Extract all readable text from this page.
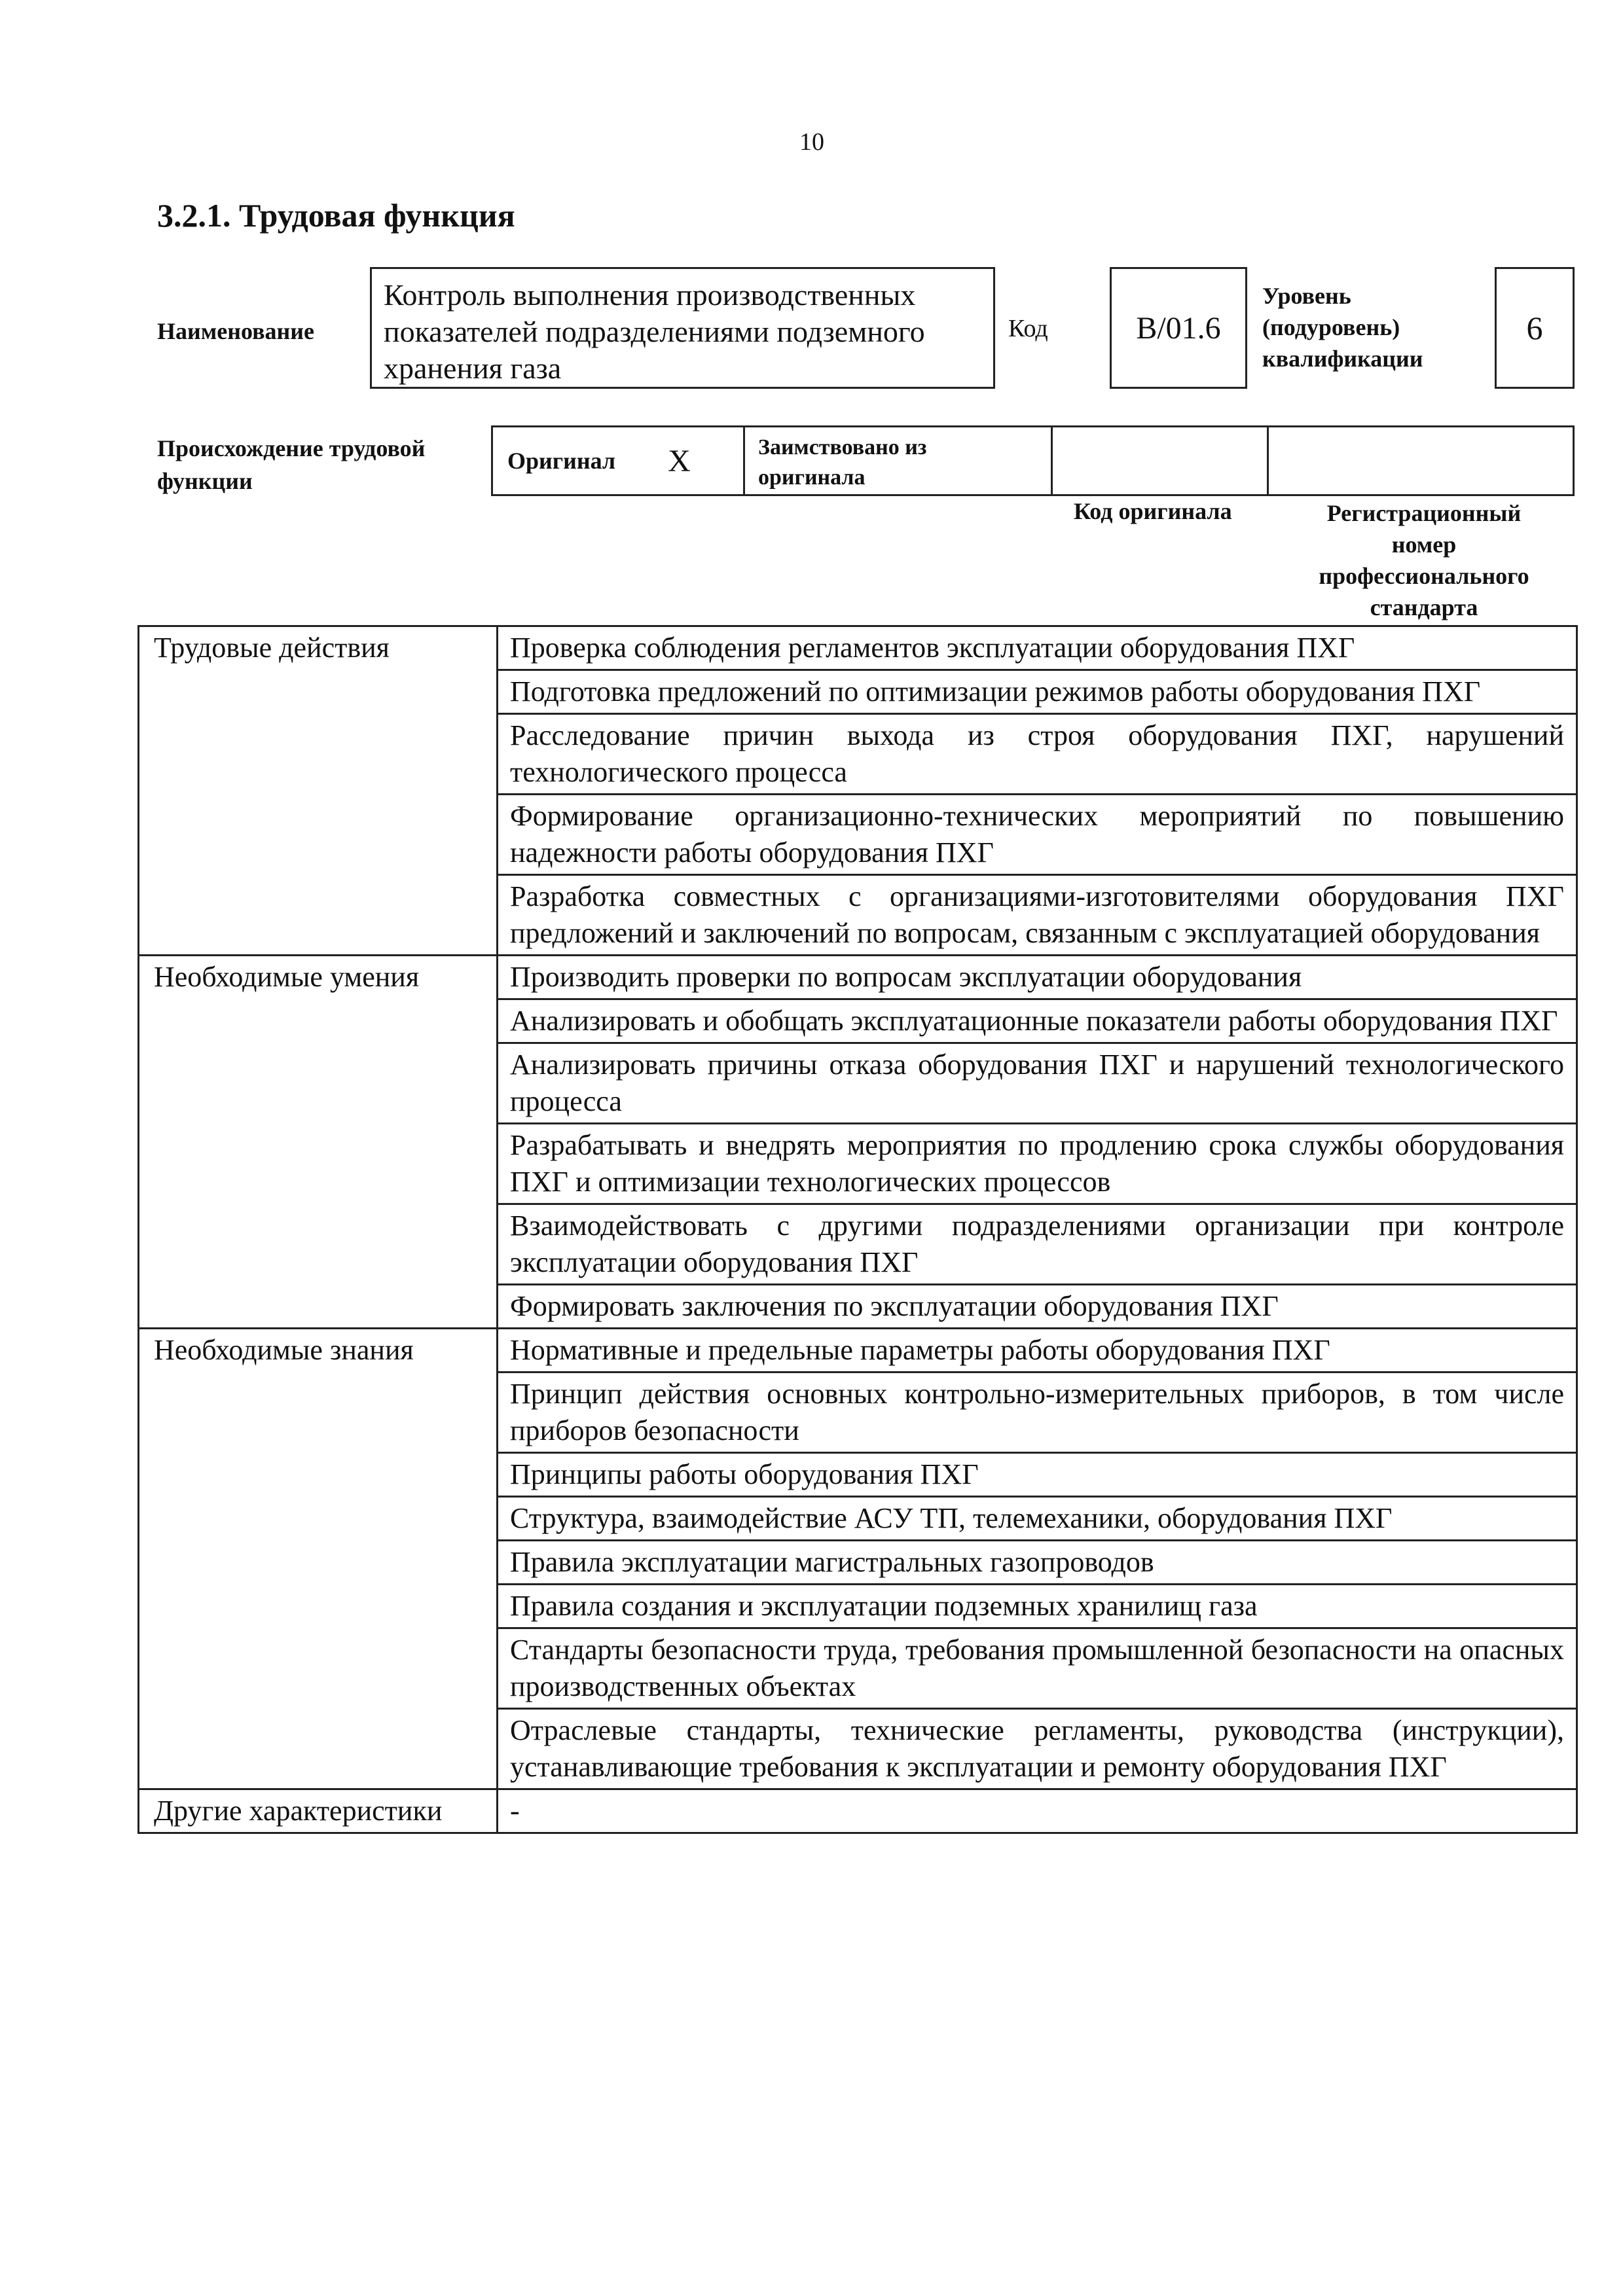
10
3.2.1. Трудовая функция
Наименование
Контроль выполнения производственных показателей подразделениями подземного хранения газа
Код	B/01.6
Уровень (подуровень) квалификации
6
Происхождение трудовой функции
Оригинал X	Заимствовано из оригинала
Код оригинала	Регистрационный номер профессионального стандарта
Трудовые действия	Проверка соблюдения регламентов эксплуатации оборудования ПХГ
	Подготовка предложений по оптимизации режимов работы оборудования ПХГ
	Расследование причин выхода из строя оборудования ПХГ, нарушений технологического процесса
	Формирование организационно-технических мероприятий по повышению надежности работы оборудования ПХГ
	Разработка совместных с организациями-изготовителями оборудования ПХГ предложений и заключений по вопросам, связанным с эксплуатацией оборудования
Необходимые умения	Производить проверки по вопросам эксплуатации оборудования
	Анализировать и обобщать эксплуатационные показатели работы оборудования ПХГ
	Анализировать причины отказа оборудования ПХГ и нарушений технологического процесса
	Разрабатывать и внедрять мероприятия по продлению срока службы оборудования ПХГ и оптимизации технологических процессов
	Взаимодействовать с другими подразделениями организации при контроле эксплуатации оборудования ПХГ
	Формировать заключения по эксплуатации оборудования ПХГ
Необходимые знания	Нормативные и предельные параметры работы оборудования ПХГ
	Принцип действия основных контрольно-измерительных приборов, в том числе приборов безопасности
	Принципы работы оборудования ПХГ
	Структура, взаимодействие АСУ ТП, телемеханики, оборудования ПХГ
	Правила эксплуатации магистральных газопроводов
	Правила создания и эксплуатации подземных хранилищ газа
	Стандарты безопасности труда, требования промышленной безопасности на опасных производственных объектах
	Отраслевые стандарты, технические регламенты, руководства (инструкции), устанавливающие требования к эксплуатации и ремонту оборудования ПХГ
Другие характеристики	-
